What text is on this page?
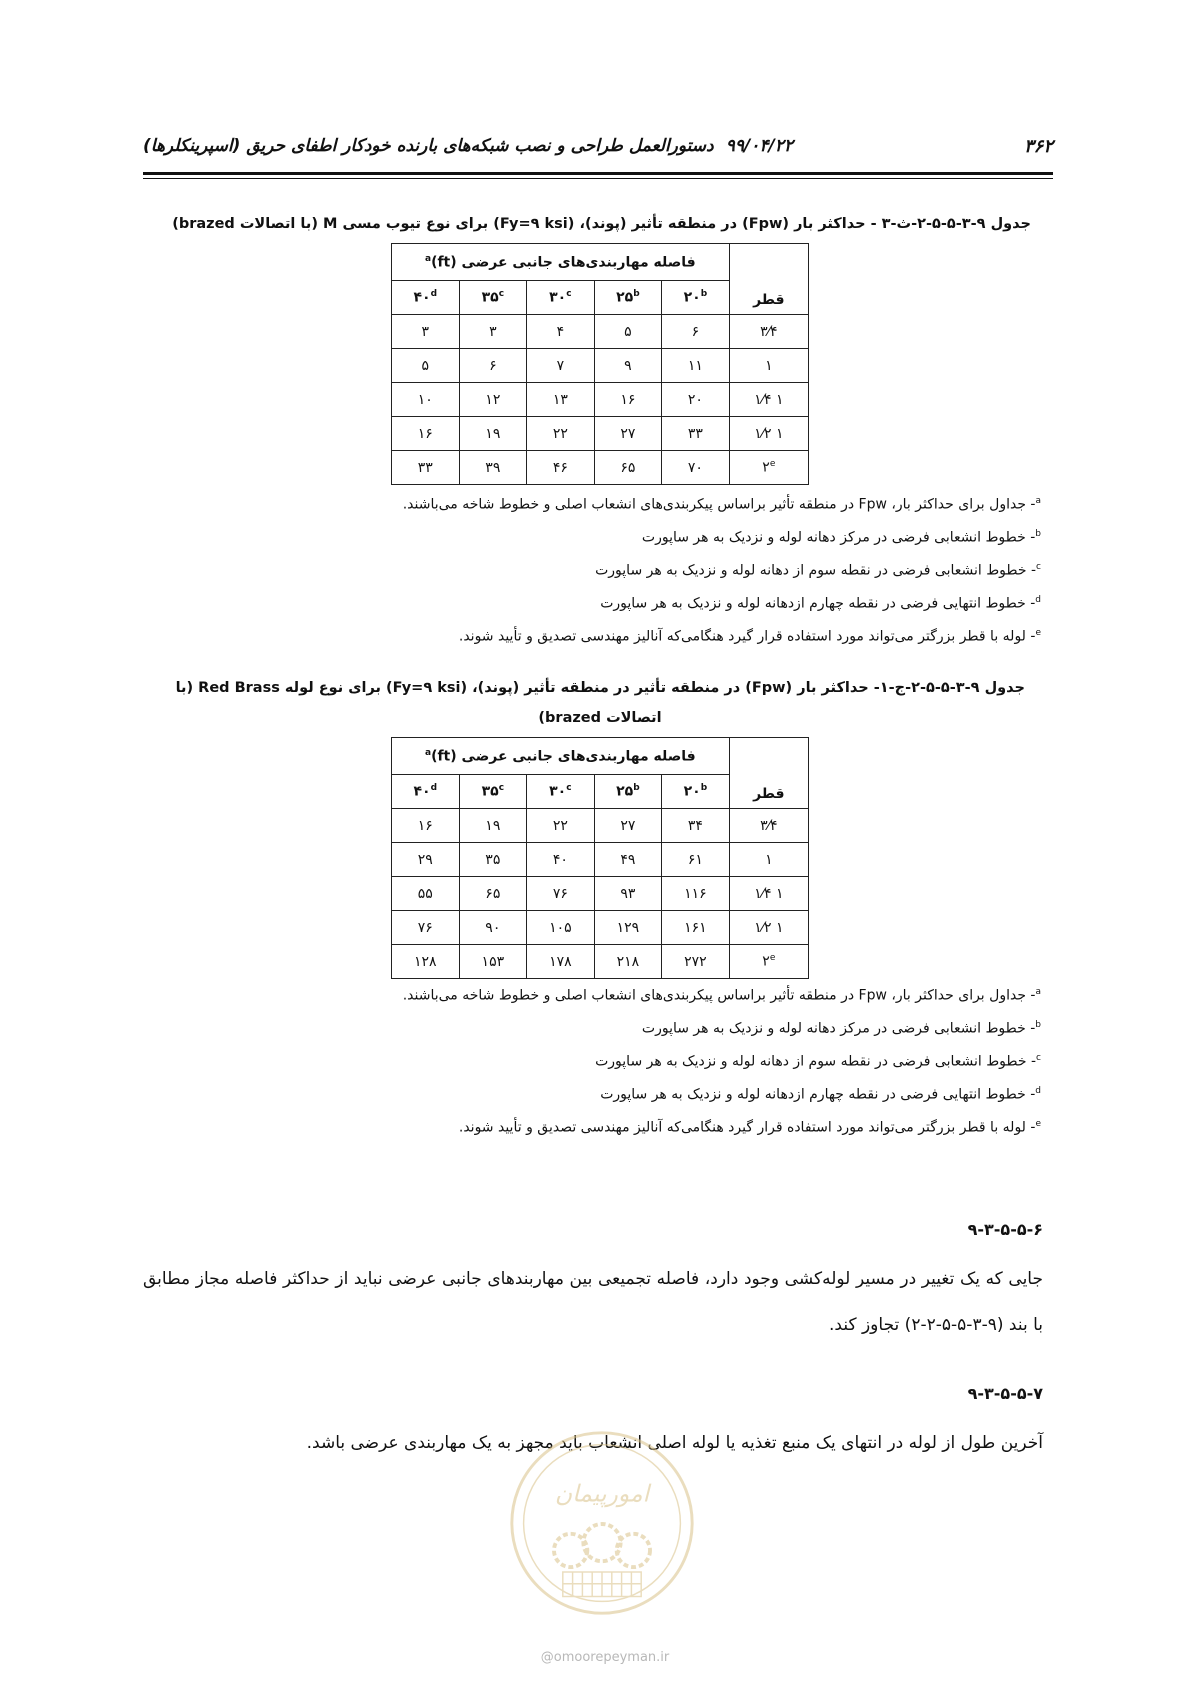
۳۶۲
۹۹/۰۴/۲۲
دستورالعمل طراحی و نصب شبکه‌های بارنده خودکار اطفای حریق (اسپرینکلرها)
جدول ۹-۳-۵-۵-۲-ث-۳ - حداکثر بار (Fpw) در منطقه تأثیر (پوند)، (Fy=۹ ksi) برای نوع تیوب مسی M (با اتصالات brazed)
قطر	فاصله مهاربندی‌های جانبی عرضی (ft)$^a$
	۲۰$^b$	۲۵$^b$	۳۰$^c$	۳۵$^c$	۴۰$^d$
۳⁄۴	۶	۵	۴	۳	۳
۱	۱۱	۹	۷	۶	۵
۱ ۱⁄۴	۲۰	۱۶	۱۳	۱۲	۱۰
۱ ۱⁄۲	۳۳	۲۷	۲۲	۱۹	۱۶
۲e	۷۰	۶۵	۴۶	۳۹	۳۳
$^a$- جداول برای حداکثر بار، Fpw در منطقه تأثیر براساس پیکربندی‌های انشعاب اصلی و خطوط شاخه می‌باشند.
$^b$- خطوط انشعابی فرضی در مرکز دهانه لوله و نزدیک به هر ساپورت
$^c$- خطوط انشعابی فرضی در نقطه سوم از دهانه لوله و نزدیک به هر ساپورت
$^d$- خطوط انتهایی فرضی در نقطه چهارم ازدهانه لوله و نزدیک به هر ساپورت
$^e$- لوله با قطر بزرگتر می‌تواند مورد استفاده قرار گیرد هنگامی‌که آنالیز مهندسی تصدیق و تأیید شوند.
جدول ۹-۳-۵-۵-۲-ج-۱- حداکثر بار (Fpw) در منطقه تأثیر در منطقه تأثیر (پوند)، (Fy=۹ ksi) برای نوع لوله Red Brass (با
اتصالات brazed)
قطر	فاصله مهاربندی‌های جانبی عرضی (ft)$^a$
	۲۰$^b$	۲۵$^b$	۳۰$^c$	۳۵$^c$	۴۰$^d$
۳⁄۴	۳۴	۲۷	۲۲	۱۹	۱۶
۱	۶۱	۴۹	۴۰	۳۵	۲۹
۱ ۱⁄۴	۱۱۶	۹۳	۷۶	۶۵	۵۵
۱ ۱⁄۲	۱۶۱	۱۲۹	۱۰۵	۹۰	۷۶
۲e	۲۷۲	۲۱۸	۱۷۸	۱۵۳	۱۲۸
$^a$- جداول برای حداکثر بار، Fpw در منطقه تأثیر براساس پیکربندی‌های انشعاب اصلی و خطوط شاخه می‌باشند.
$^b$- خطوط انشعابی فرضی در مرکز دهانه لوله و نزدیک به هر ساپورت
$^c$- خطوط انشعابی فرضی در نقطه سوم از دهانه لوله و نزدیک به هر ساپورت
$^d$- خطوط انتهایی فرضی در نقطه چهارم ازدهانه لوله و نزدیک به هر ساپورت
$^e$- لوله با قطر بزرگتر می‌تواند مورد استفاده قرار گیرد هنگامی‌که آنالیز مهندسی تصدیق و تأیید شوند.
۹-۳-۵-۵-۶
جایی که یک تغییر در مسیر لوله‌کشی وجود دارد، فاصله تجمیعی بین مهاربندهای جانبی عرضی نباید از حداکثر فاصله مجاز مطابق با بند (۹-۳-۵-۵-۲-۲) تجاوز کند.
۹-۳-۵-۵-۷
آخرین طول از لوله در انتهای یک منبع تغذیه یا لوله اصلی انشعاب باید مجهز به یک مهاربندی عرضی باشد.
امورپیمان
@omoorepeyman.ir
